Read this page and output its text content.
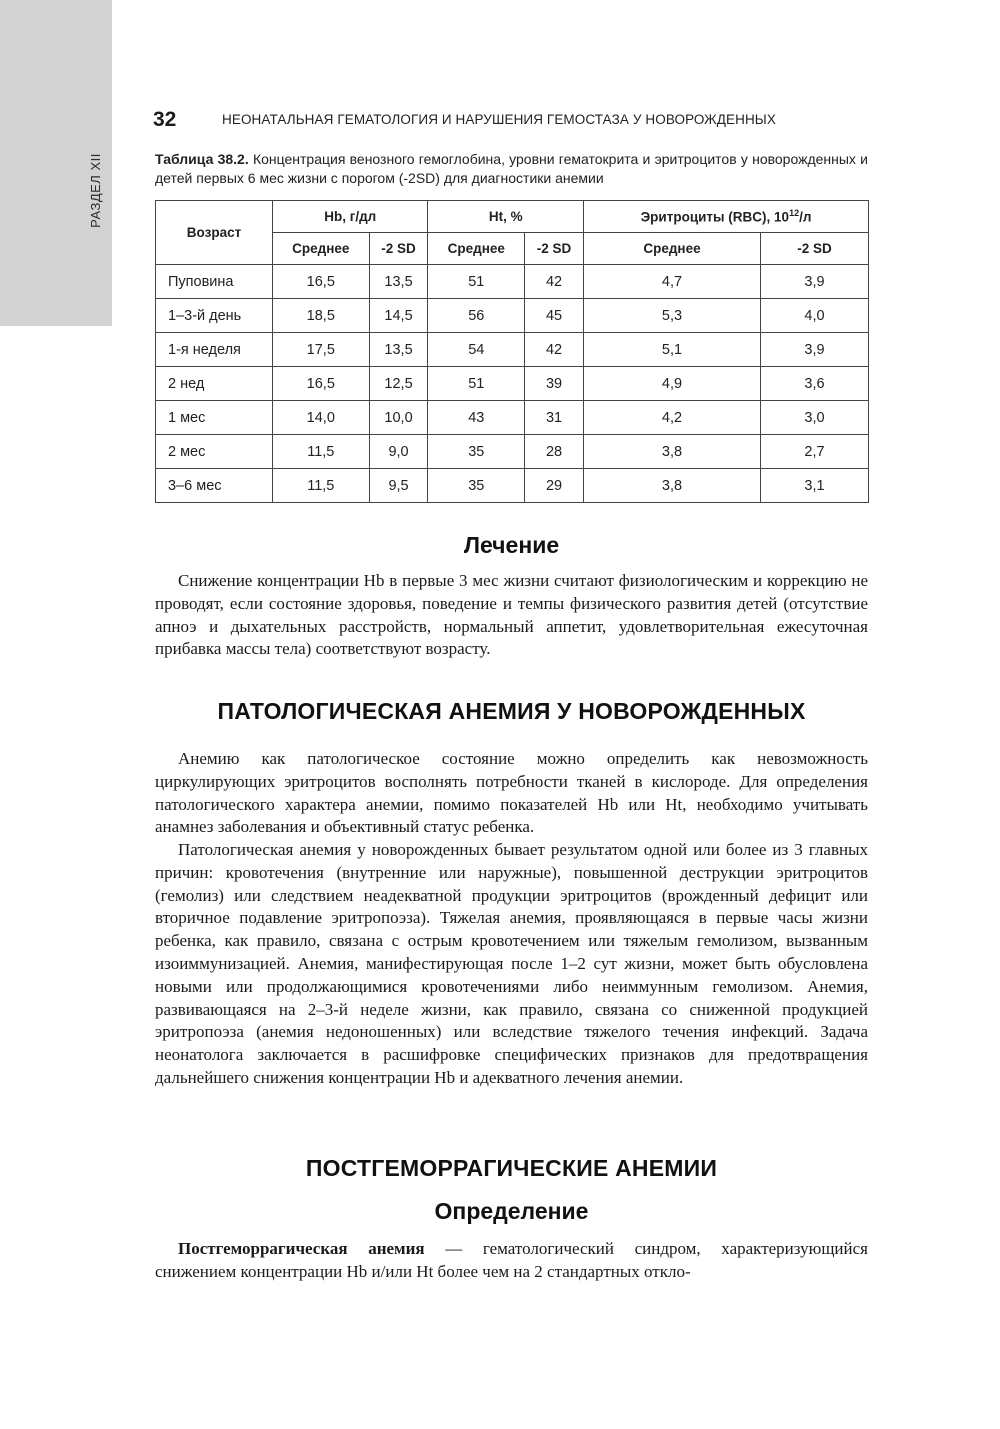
РАЗДЕЛ XII
32	НЕОНАТАЛЬНАЯ ГЕМАТОЛОГИЯ И НАРУШЕНИЯ ГЕМОСТАЗА У НОВОРОЖДЕННЫХ
Таблица 38.2. Концентрация венозного гемоглобина, уровни гематокрита и эритроцитов у новорожденных и детей первых 6 мес жизни с порогом (-2SD) для диагностики анемии
Возраст	Hb, г/дл		Ht, %		Эритроциты (RBC), $10^{12}/л$	
	Среднее	-2 SD	Среднее	-2 SD	Среднее	-2 SD
Пуповина	16,5	13,5	51	42	4,7	3,9
1–3-й день	18,5	14,5	56	45	5,3	4,0
1-я неделя	17,5	13,5	54	42	5,1	3,9
2 нед	16,5	12,5	51	39	4,9	3,6
1 мес	14,0	10,0	43	31	4,2	3,0
2 мес	11,5	9,0	35	28	3,8	2,7
3–6 мес	11,5	9,5	35	29	3,8	3,1
Лечение

Снижение концентрации Hb в первые 3 мес жизни считают физиологическим и коррекцию не проводят, если состояние здоровья, поведение и темпы физического развития детей (отсутствие апноэ и дыхательных расстройств, нормальный аппетит, удовлетворительная ежесуточная прибавка массы тела) соответствуют возрасту.

ПАТОЛОГИЧЕСКАЯ АНЕМИЯ У НОВОРОЖДЕННЫХ

Анемию как патологическое состояние можно определить как невозможность циркулирующих эритроцитов восполнять потребности тканей в кислороде. Для определения патологического характера анемии, помимо показателей Hb или Ht, необходимо учитывать анамнез заболевания и объективный статус ребенка.

Патологическая анемия у новорожденных бывает результатом одной или более из 3 главных причин: кровотечения (внутренние или наружные), повышенной деструкции эритроцитов (гемолиз) или следствием неадекватной продукции эритроцитов (врожденный дефицит или вторичное подавление эритропоэза). Тяжелая анемия, проявляющаяся в первые часы жизни ребенка, как правило, связана с острым кровотечением или тяжелым гемолизом, вызванным изоиммунизацией. Анемия, манифестирующая после 1–2 сут жизни, может быть обусловлена новыми или продолжающимися кровотечениями либо неиммунным гемолизом. Анемия, развивающаяся на 2–3-й неделе жизни, как правило, связана со сниженной продукцией эритропоэза (анемия недоношенных) или вследствие тяжелого течения инфекций. Задача неонатолога заключается в расшифровке специфических признаков для предотвращения дальнейшего снижения концентрации Hb и адекватного лечения анемии.

ПОСТГЕМОРРАГИЧЕСКИЕ АНЕМИИ
Определение

Постгеморрагическая анемия — гематологический синдром, характеризующийся снижением концентрации Hb и/или Ht более чем на 2 стандартных откло-
